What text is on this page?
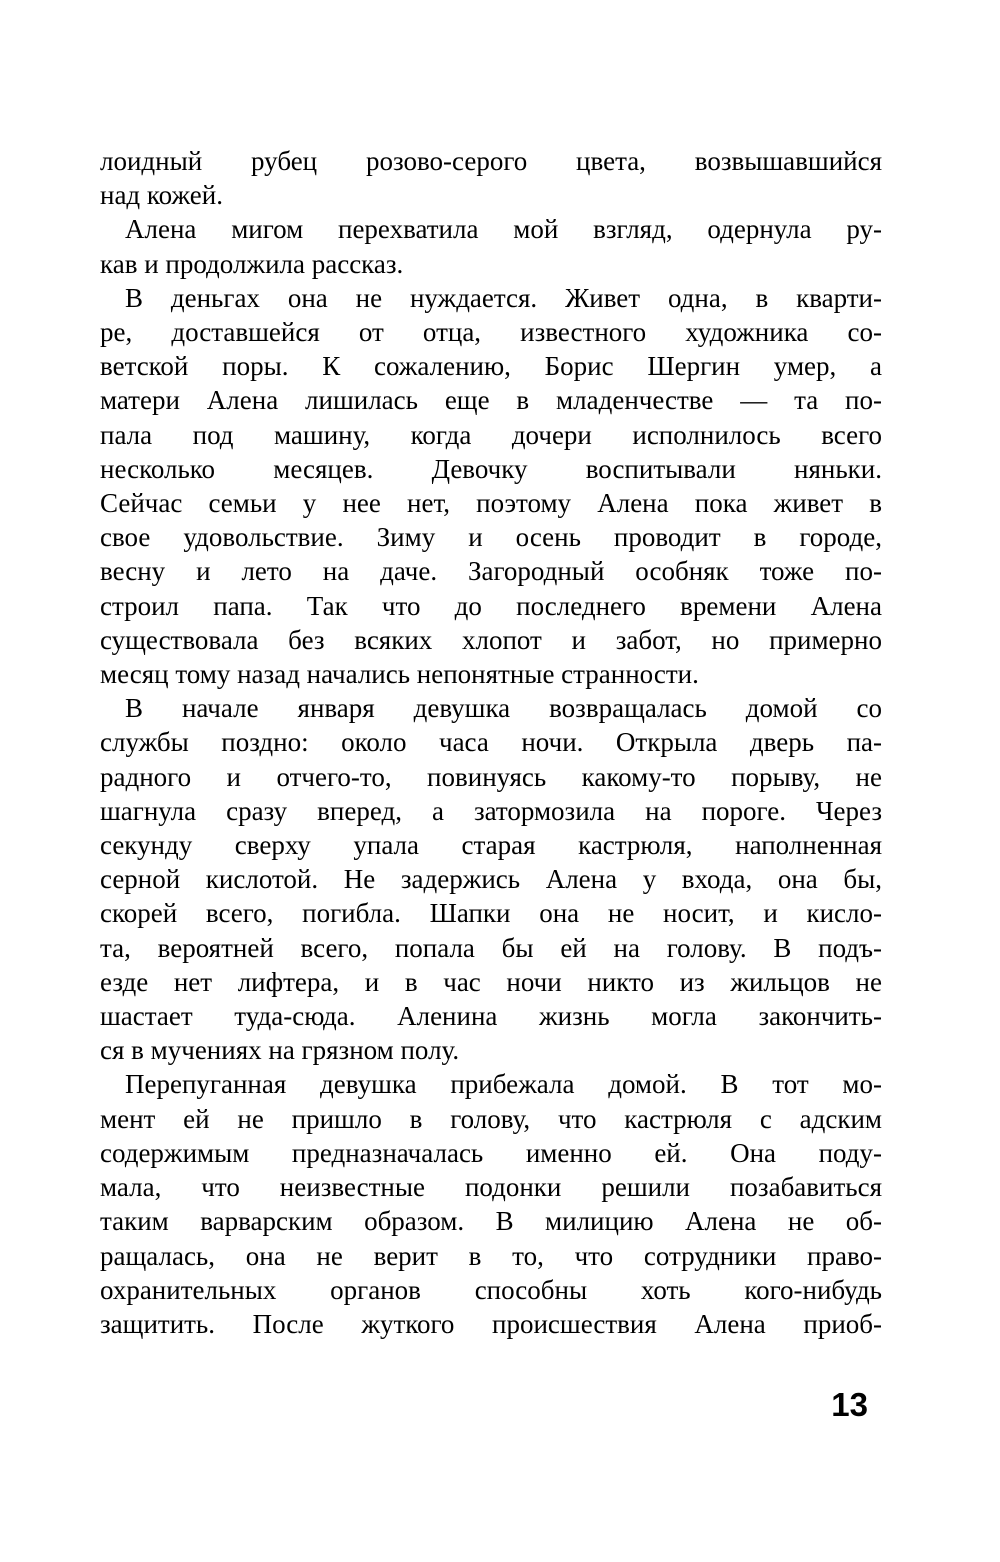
лоидный рубец розово-серого цвета, возвышавшийся
над кожей.
Алена мигом перехватила мой взгляд, одернула ру-
кав и продолжила рассказ.
В деньгах она не нуждается. Живет одна, в кварти-
ре, доставшейся от отца, известного художника со-
ветской поры. К сожалению, Борис Шергин умер, а
матери Алена лишилась еще в младенчестве — та по-
пала под машину, когда дочери исполнилось всего
несколько месяцев. Девочку воспитывали няньки.
Сейчас семьи у нее нет, поэтому Алена пока живет в
свое удовольствие. Зиму и осень проводит в городе,
весну и лето на даче. Загородный особняк тоже по-
строил папа. Так что до последнего времени Алена
существовала без всяких хлопот и забот, но примерно
месяц тому назад начались непонятные странности.
В начале января девушка возвращалась домой со
службы поздно: около часа ночи. Открыла дверь па-
радного и отчего-то, повинуясь какому-то порыву, не
шагнула сразу вперед, а затормозила на пороге. Через
секунду сверху упала старая кастрюля, наполненная
серной кислотой. Не задержись Алена у входа, она бы,
скорей всего, погибла. Шапки она не носит, и кисло-
та, вероятней всего, попала бы ей на голову. В подъ-
езде нет лифтера, и в час ночи никто из жильцов не
шастает туда-сюда. Аленина жизнь могла закончить-
ся в мучениях на грязном полу.
Перепуганная девушка прибежала домой. В тот мо-
мент ей не пришло в голову, что кастрюля с адским
содержимым предназначалась именно ей. Она поду-
мала, что неизвестные подонки решили позабавиться
таким варварским образом. В милицию Алена не об-
ращалась, она не верит в то, что сотрудники право-
охранительных органов способны хоть кого-нибудь
защитить. После жуткого происшествия Алена приоб-
13
